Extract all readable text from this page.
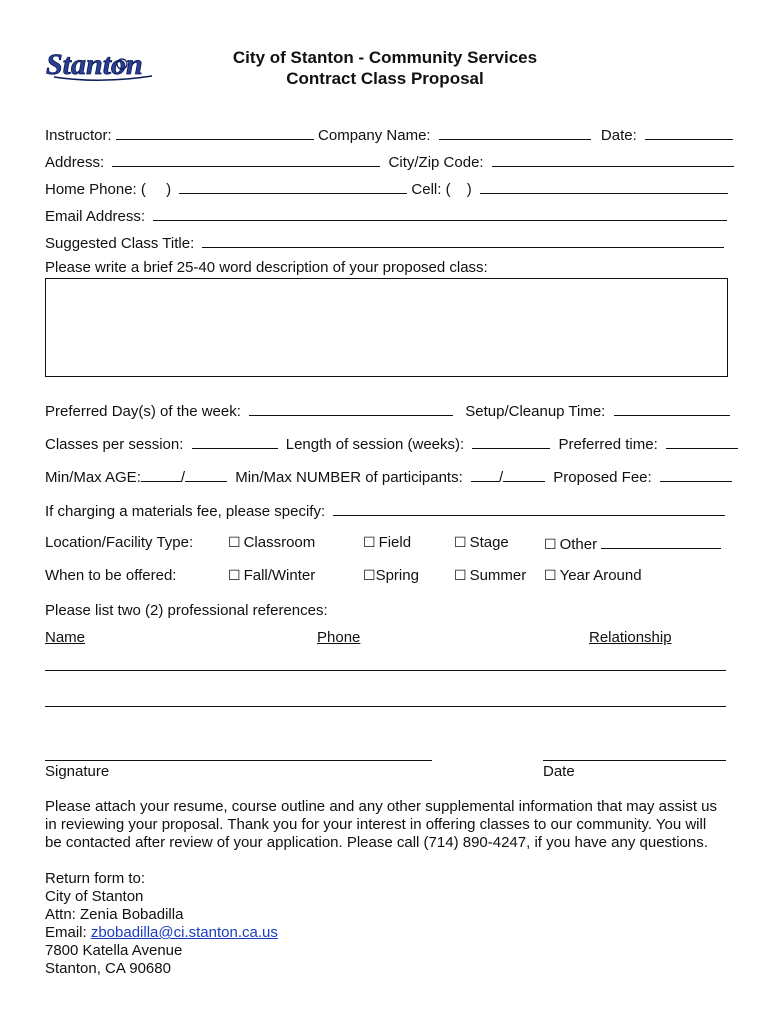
Stanton	City of Stanton - Community Services
Contract Class Proposal
Instructor:	Company Name:	Date:
Address:	City/Zip Code:
Home Phone: ( )	Cell: ( )
Email Address:
Suggested Class Title:
Please write a brief 25-40 word description of your proposed class:
Preferred Day(s) of the week:	Setup/Cleanup Time:
Classes per session:	Length of session (weeks):	Preferred time:
Min/Max AGE:	/	Min/Max NUMBER of participants: /	Proposed Fee:
If charging a materials fee, please specify:
Location/Facility Type: ☐ Classroom	☐ Field	☐ Stage	☐ Other
When to be offered:	☐ Fall/Winter	☐Spring	☐ Summer ☐ Year Around
Please list two (2) professional references:
Name	Phone	Relationship
Signature	Date
Please attach your resume, course outline and any other supplemental information that may assist us
in reviewing your proposal. Thank you for your interest in offering classes to our community. You will
be contacted after review of your application. Please call (714) 890-4247, if you have any questions.
Return form to:
City of Stanton
Attn: Zenia Bobadilla
Email: zbobadilla@ci.stanton.ca.us
7800 Katella Avenue
Stanton, CA 90680
